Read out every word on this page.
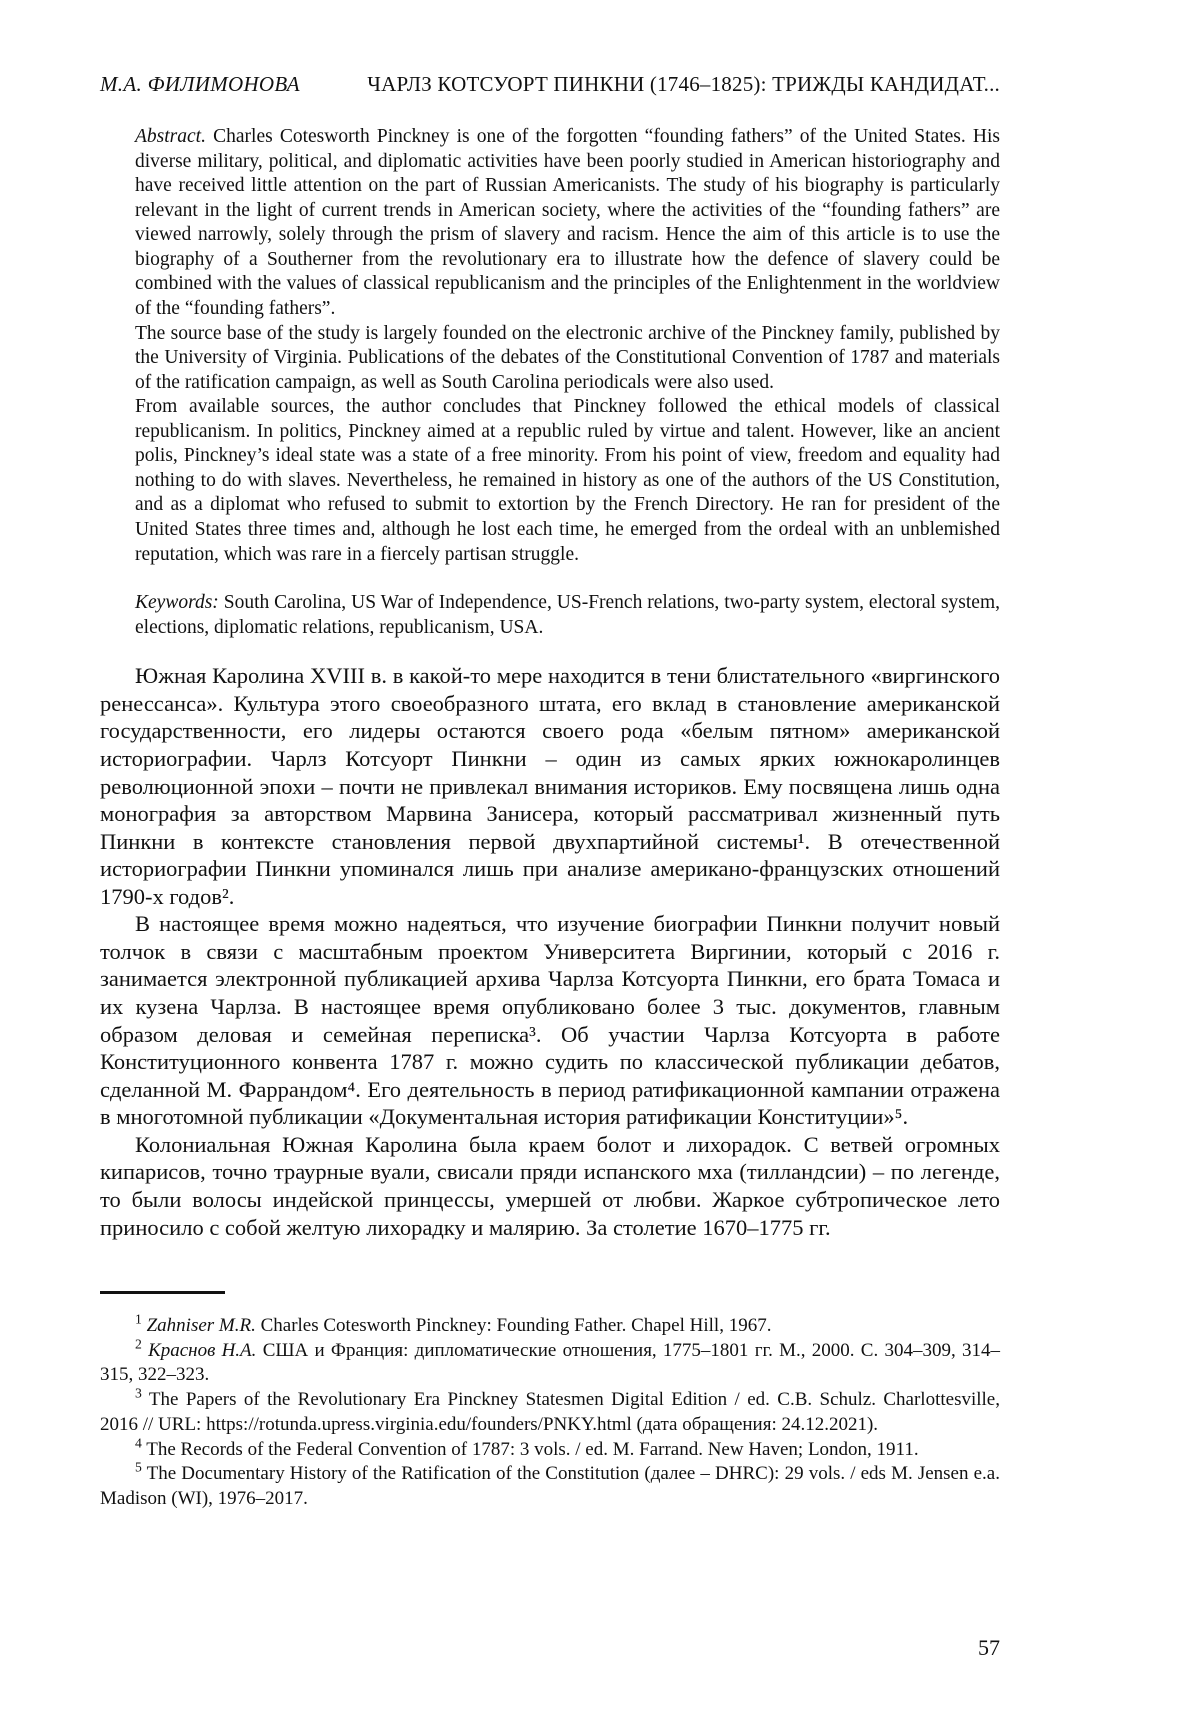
М.А. ФИЛИМОНОВА	ЧАРЛЗ КОТСУОРТ ПИНКНИ (1746–1825): ТРИЖДЫ КАНДИДАТ...

Abstract. Charles Cotesworth Pinckney is one of the forgotten “founding fathers” of the United States. His diverse military, political, and diplomatic activities have been poorly studied in American historiography and have received little attention on the part of Russian Americanists. The study of his biography is particularly relevant in the light of current trends in American society, where the activities of the “founding fathers” are viewed narrowly, solely through the prism of slavery and racism. Hence the aim of this article is to use the biography of a Southerner from the revolutionary era to illustrate how the defence of slavery could be combined with the values of classical republicanism and the principles of the Enlightenment in the worldview of the “founding fathers”.

The source base of the study is largely founded on the electronic archive of the Pinckney family, published by the University of Virginia. Publications of the debates of the Constitutional Convention of 1787 and materials of the ratification campaign, as well as South Carolina periodicals were also used.

From available sources, the author concludes that Pinckney followed the ethical models of classical republicanism. In politics, Pinckney aimed at a republic ruled by virtue and talent. However, like an ancient polis, Pinckney’s ideal state was a state of a free minority. From his point of view, freedom and equality had nothing to do with slaves. Nevertheless, he remained in history as one of the authors of the US Constitution, and as a diplomat who refused to submit to extortion by the French Directory. He ran for president of the United States three times and, although he lost each time, he emerged from the ordeal with an unblemished reputation, which was rare in a fiercely partisan struggle.

Keywords: South Carolina, US War of Independence, US-French relations, two-party system, electoral system, elections, diplomatic relations, republicanism, USA.

Южная Каролина XVIII в. в какой-то мере находится в тени блистательного «виргинского ренессанса». Культура этого своеобразного штата, его вклад в становление американской государственности, его лидеры остаются своего рода «белым пятном» американской историографии. Чарлз Котсуорт Пинкни – один из самых ярких южнокаролинцев революционной эпохи – почти не привлекал внимания историков. Ему посвящена лишь одна монография за авторством Марвина Занисера, который рассматривал жизненный путь Пинкни в контексте становления первой двухпартийной системы¹. В отечественной историографии Пинкни упоминался лишь при анализе американо-французских отношений 1790-х годов².

В настоящее время можно надеяться, что изучение биографии Пинкни получит новый толчок в связи с масштабным проектом Университета Виргинии, который с 2016 г. занимается электронной публикацией архива Чарлза Котсуорта Пинкни, его брата Томаса и их кузена Чарлза. В настоящее время опубликовано более 3 тыс. документов, главным образом деловая и семейная переписка³. Об участии Чарлза Котсуорта в работе Конституционного конвента 1787 г. можно судить по классической публикации дебатов, сделанной М. Фаррандом⁴. Его деятельность в период ратификационной кампании отражена в многотомной публикации «Документальная история ратификации Конституции»⁵.

Колониальная Южная Каролина была краем болот и лихорадок. С ветвей огромных кипарисов, точно траурные вуали, свисали пряди испанского мха (тилландсии) – по легенде, то были волосы индейской принцессы, умершей от любви. Жаркое субтропическое лето приносило с собой желтую лихорадку и малярию. За столетие 1670–1775 гг.

$^1$ Zahniser M.R. Charles Cotesworth Pinckney: Founding Father. Chapel Hill, 1967.

$^2$ Краснов Н.А. США и Франция: дипломатические отношения, 1775–1801 гг. М., 2000. С. 304–309, 314–315, 322–323.

$^3$ The Papers of the Revolutionary Era Pinckney Statesmen Digital Edition / ed. C.B. Schulz. Charlottesville, 2016 // URL: https://rotunda.upress.virginia.edu/founders/PNKY.html (дата обращения: 24.12.2021).

$^4$ The Records of the Federal Convention of 1787: 3 vols. / ed. M. Farrand. New Haven; London, 1911.

$^5$ The Documentary History of the Ratification of the Constitution (далее – DHRC): 29 vols. / eds M. Jensen e.a. Madison (WI), 1976–2017.

57
